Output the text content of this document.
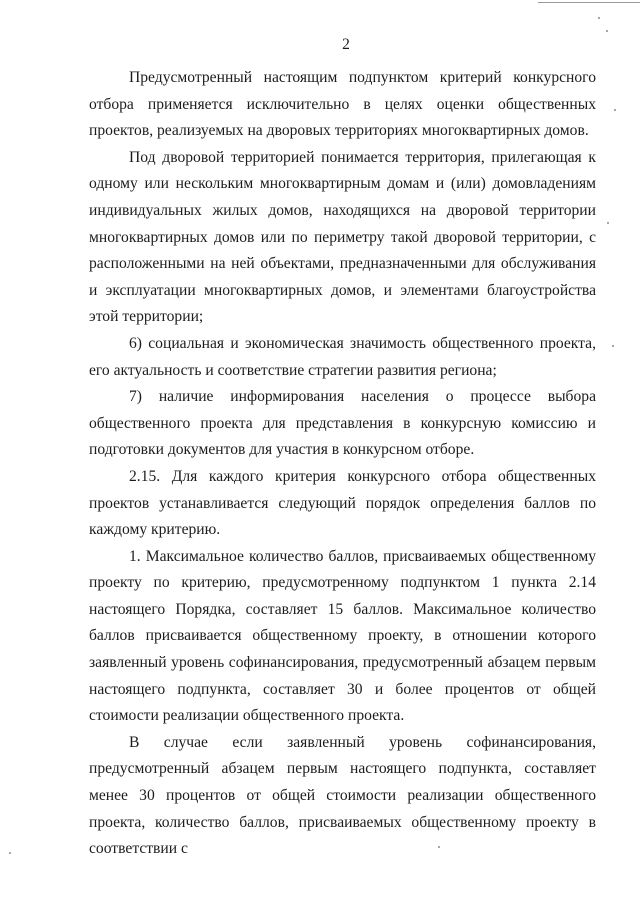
2

Предусмотренный настоящим подпунктом критерий конкурсного отбора применяется исключительно в целях оценки общественных проектов, реализуемых на дворовых территориях многоквартирных домов.

Под дворовой территорией понимается территория, прилегающая к одному или нескольким многоквартирным домам и (или) домовладениям индивидуальных жилых домов, находящихся на дворовой территории многоквартирных домов или по периметру такой дворовой территории, с расположенными на ней объектами, предназначенными для обслуживания и эксплуатации многоквартирных домов, и элементами благоустройства этой территории;

6) социальная и экономическая значимость общественного проекта, его актуальность и соответствие стратегии развития региона;

7) наличие информирования населения о процессе выбора общественного проекта для представления в конкурсную комиссию и подготовки документов для участия в конкурсном отборе.

2.15. Для каждого критерия конкурсного отбора общественных проектов устанавливается следующий порядок определения баллов по каждому критерию.

1. Максимальное количество баллов, присваиваемых общественному проекту по критерию, предусмотренному подпунктом 1 пункта 2.14 настоящего Порядка, составляет 15 баллов. Максимальное количество баллов присваивается общественному проекту, в отношении которого заявленный уровень софинансирования, предусмотренный абзацем первым настоящего подпункта, составляет 30 и более процентов от общей стоимости реализации общественного проекта.

В случае если заявленный уровень софинансирования, предусмотренный абзацем первым настоящего подпункта, составляет менее 30 процентов от общей стоимости реализации общественного проекта, количество баллов, присваиваемых общественному проекту в соответствии с
